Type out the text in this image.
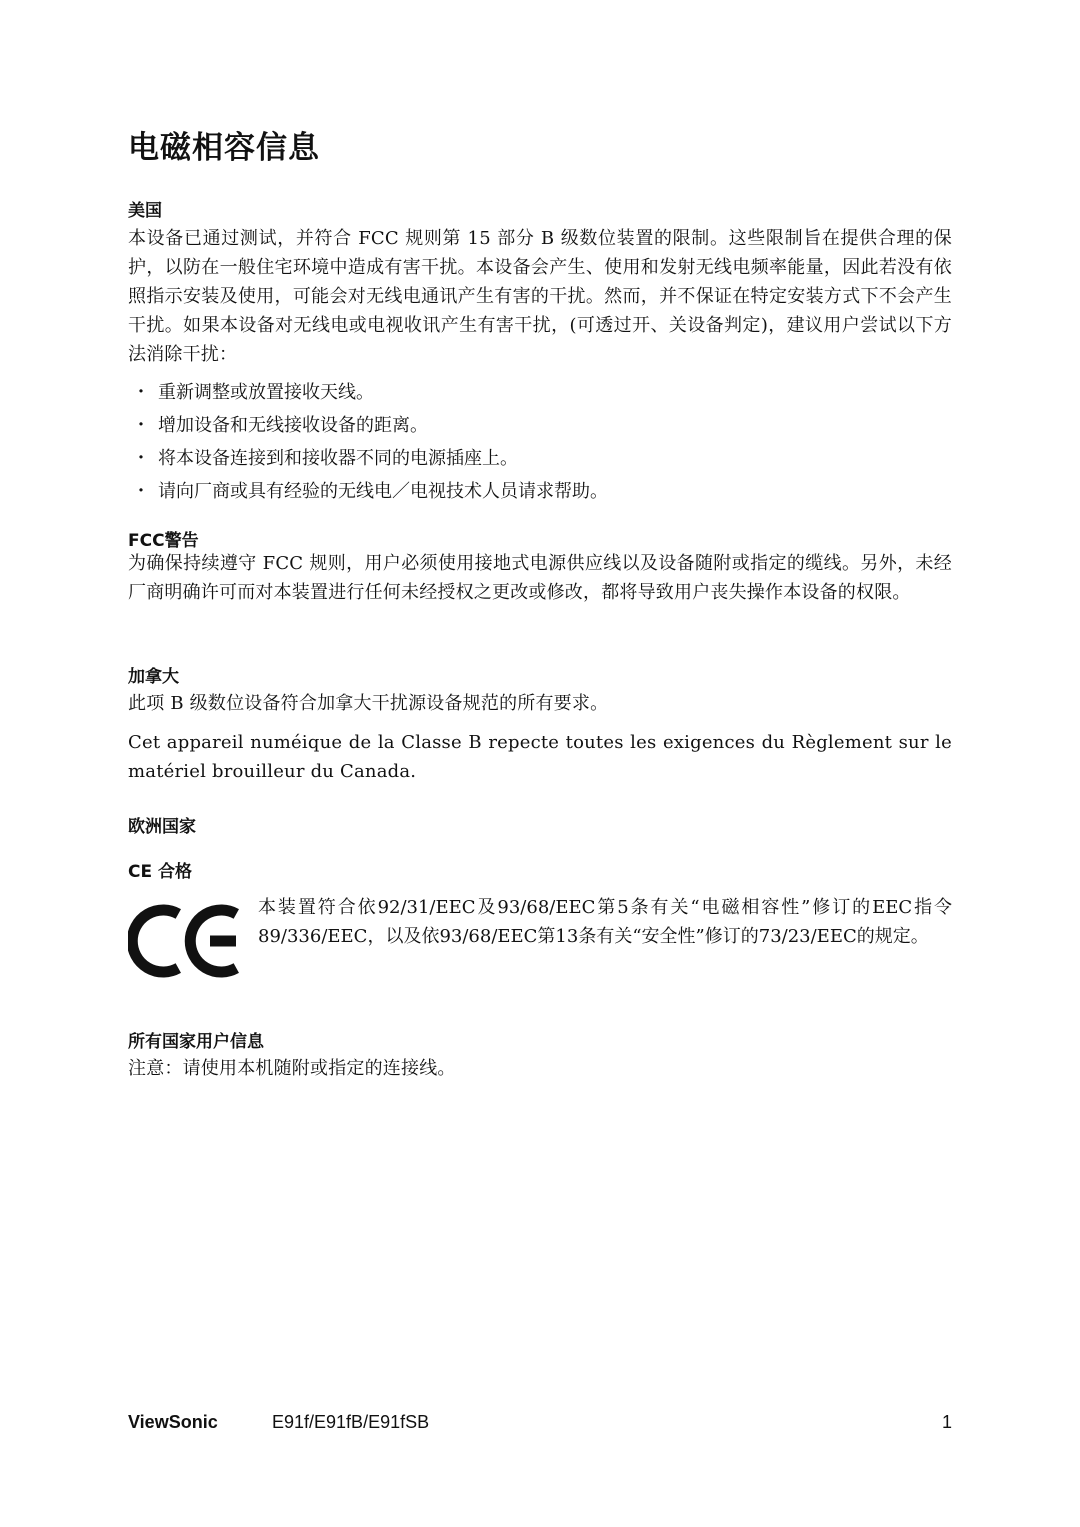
电磁相容信息
美国

本设备已通过测试，并符合 FCC 规则第 15 部分 B 级数位装置的限制。这些限制旨在提供合理的保护，以防在一般住宅环境中造成有害干扰。本设备会产生、使用和发射无线电频率能量，因此若没有依照指示安装及使用，可能会对无线电通讯产生有害的干扰。然而，并不保证在特定安装方式下不会产生干扰。如果本设备对无线电或电视收讯产生有害干扰，(可透过开、关设备判定)，建议用户尝试以下方法消除干扰：

・ 重新调整或放置接收天线。
・ 增加设备和无线接收设备的距离。
・ 将本设备连接到和接收器不同的电源插座上。
・ 请向厂商或具有经验的无线电／电视技术人员请求帮助。
FCC警告

为确保持续遵守 FCC 规则，用户必须使用接地式电源供应线以及设备随附或指定的缆线。另外，未经厂商明确许可而对本装置进行任何未经授权之更改或修改，都将导致用户丧失操作本设备的权限。

加拿大

此项 B 级数位设备符合加拿大干扰源设备规范的所有要求。

Cet appareil numéique de la Classe B repecte toutes les exigences du Règlement sur le matériel brouilleur du Canada.

欧洲国家
CE 合格

本装置符合依92/31/EEC及93/68/EEC第5条有关“电磁相容性”修订的EEC指令89/336/EEC，以及依93/68/EEC第13条有关“安全性”修订的73/23/EEC的规定。

所有国家用户信息

注意：请使用本机随附或指定的连接线。

ViewSonic	E91f/E91fB/E91fSB	1
